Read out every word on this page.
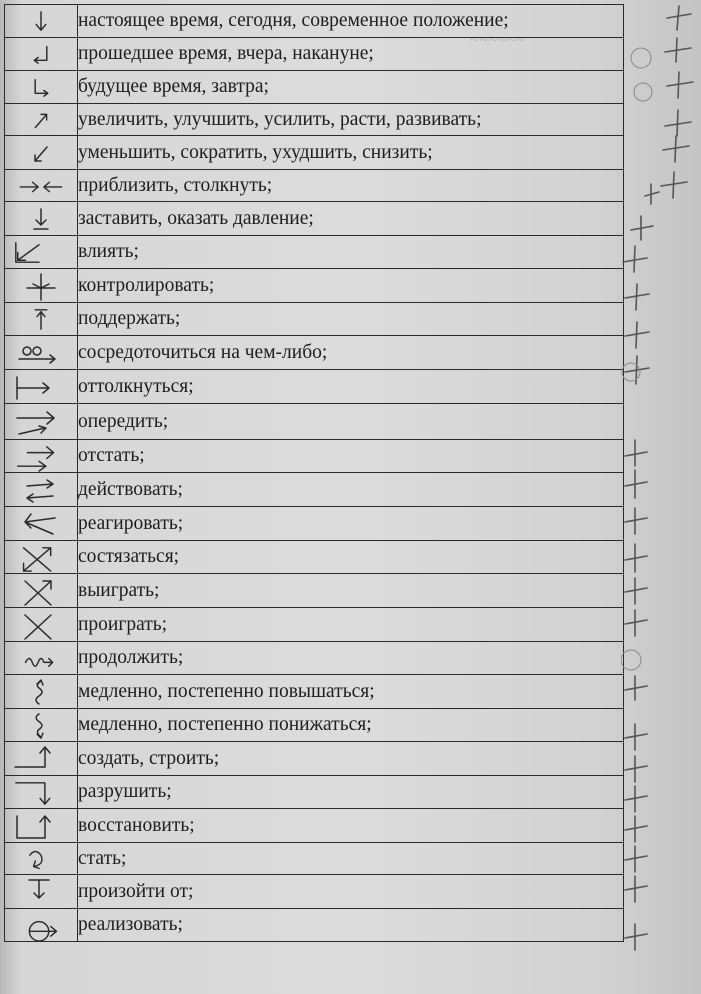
~~~~~~
	настоящее время, сегодня, современное положение;

	прошедшее время, вчера, накануне;

	будущее время, завтра;

	увеличить, улучшить, усилить, расти, развивать;

	уменьшить, сократить, ухудшить, снизить;

	приблизить, столкнуть;

	заставить, оказать давление;

	влиять;

	контролировать;

	поддержать;

	сосредоточиться на чем-либо;

	оттолкнуться;

	опередить;

	отстать;

	действовать;

	реагировать;

	состязаться;

	выиграть;

	проиграть;

	продолжить;

	медленно, постепенно повышаться;

	медленно, постепенно понижаться;

	создать, строить;

	разрушить;

	восстановить;

	стать;

	произойти от;

	реализовать;
